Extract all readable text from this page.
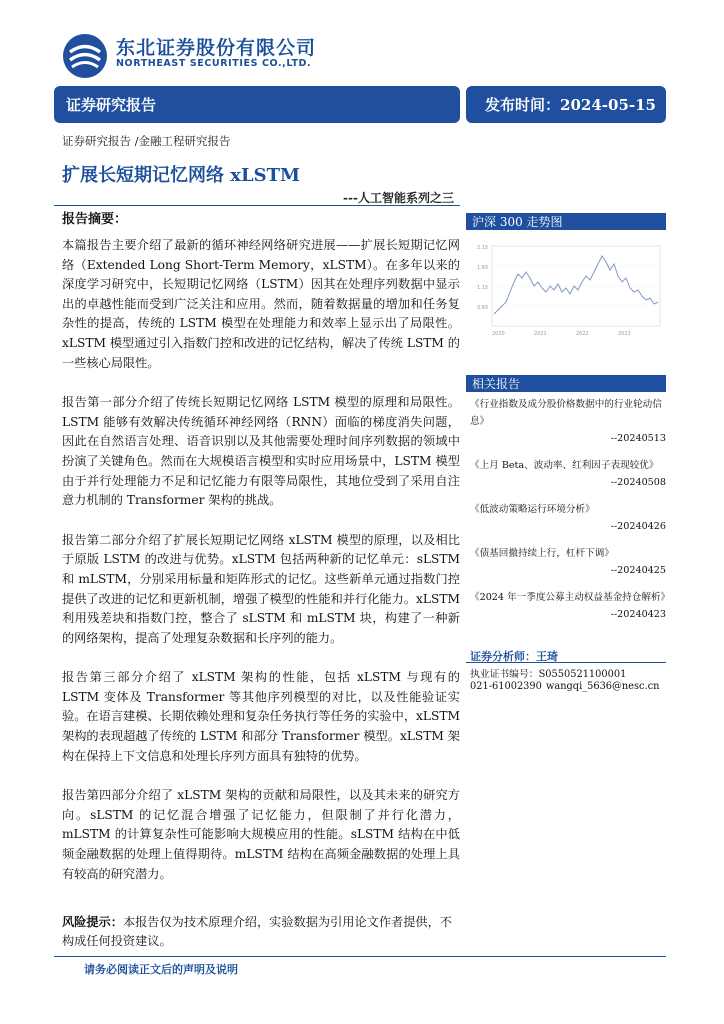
东北证券股份有限公司
NORTHEAST SECURITIES CO.,LTD.
证券研究报告	发布时间：2024-05-15
证券研究报告 /金融工程研究报告
扩展长短期记忆网络 xLSTM
---人工智能系列之三
报告摘要：

本篇报告主要介绍了最新的循环神经网络研究进展——扩展长短期记忆网络（Extended Long Short-Term Memory，xLSTM）。在多年以来的深度学习研究中，长短期记忆网络（LSTM）因其在处理序列数据中显示出的卓越性能而受到广泛关注和应用。然而，随着数据量的增加和任务复杂性的提高，传统的 LSTM 模型在处理能力和效率上显示出了局限性。xLSTM 模型通过引入指数门控和改进的记忆结构，解决了传统 LSTM 的一些核心局限性。

报告第一部分介绍了传统长短期记忆网络 LSTM 模型的原理和局限性。LSTM 能够有效解决传统循环神经网络（RNN）面临的梯度消失问题，因此在自然语言处理、语音识别以及其他需要处理时间序列数据的领域中扮演了关键角色。然而在大规模语言模型和实时应用场景中，LSTM 模型由于并行处理能力不足和记忆能力有限等局限性，其地位受到了采用自注意力机制的 Transformer 架构的挑战。

报告第二部分介绍了扩展长短期记忆网络 xLSTM 模型的原理，以及相比于原版 LSTM 的改进与优势。xLSTM 包括两种新的记忆单元：sLSTM 和 mLSTM，分别采用标量和矩阵形式的记忆。这些新单元通过指数门控提供了改进的记忆和更新机制，增强了模型的性能和并行化能力。xLSTM 利用残差块和指数门控，整合了 sLSTM 和 mLSTM 块，构建了一种新的网络架构，提高了处理复杂数据和长序列的能力。

报告第三部分介绍了 xLSTM 架构的性能，包括 xLSTM 与现有的 LSTM 变体及 Transformer 等其他序列模型的对比，以及性能验证实验。在语言建模、长期依赖处理和复杂任务执行等任务的实验中，xLSTM 架构的表现超越了传统的 LSTM 和部分 Transformer 模型。xLSTM 架构在保持上下文信息和处理长序列方面具有独特的优势。

报告第四部分介绍了 xLSTM 架构的贡献和局限性，以及其未来的研究方向。sLSTM 的记忆混合增强了记忆能力，但限制了并行化潜力，mLSTM 的计算复杂性可能影响大规模应用的性能。sLSTM 结构在中低频金融数据的处理上值得期待。mLSTM 结构在高频金融数据的处理上具有较高的研究潜力。

风险提示：本报告仅为技术原理介绍，实验数据为引用论文作者提供，不构成任何投资建议。
请务必阅读正文后的声明及说明
沪深 300 走势图
2.15
1.65
1.15
0.65
2020	2021	2022	2023
相关报告
《行业指数及成分股价格数据中的行业轮动信息》
--20240513
《上月 Beta、波动率、红利因子表现较优》
--20240508
《低波动策略运行环境分析》
--20240426
《债基回撤持续上行，杠杆下调》
--20240425
《2024 年一季度公募主动权益基金持仓解析》
--20240423
证券分析师：王琦
执业证书编号：S0550521100001
021-61002390 wangqi_5636@nesc.cn
